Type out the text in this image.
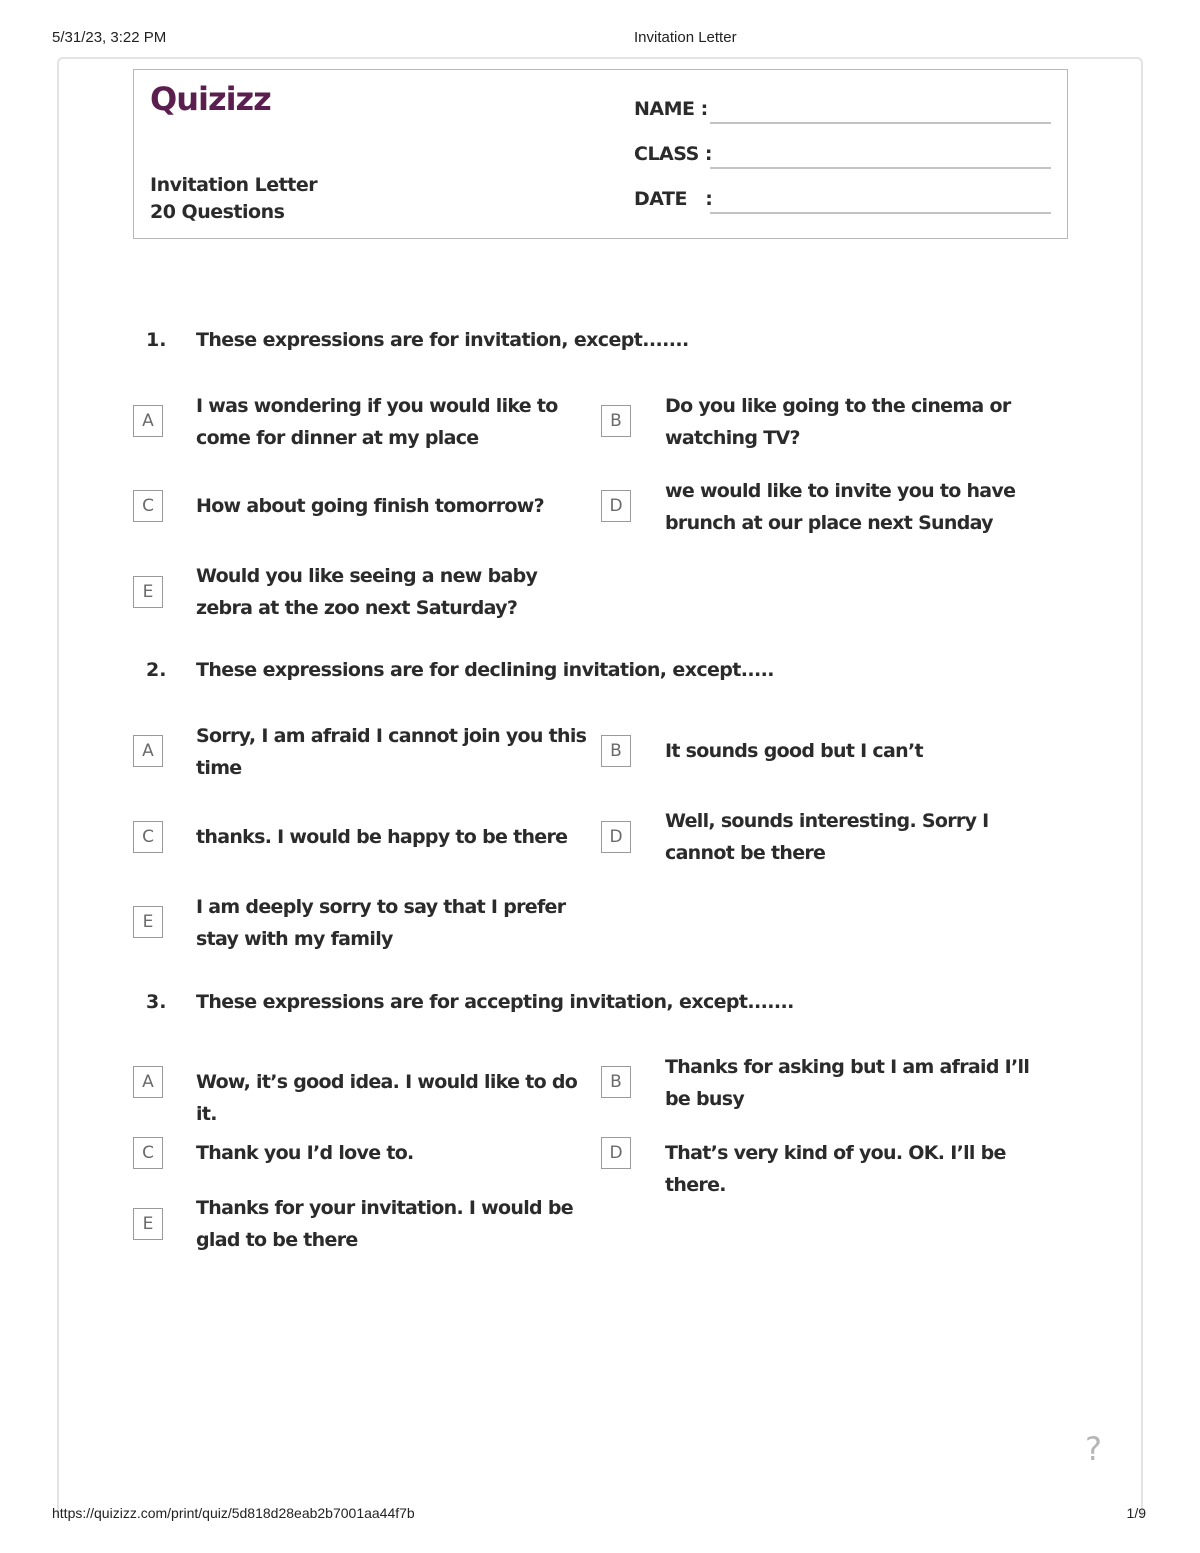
5/31/23, 3:22 PM	Invitation Letter
Quizizz
Invitation Letter
20 Questions
NAME :
CLASS :
DATE   :
1.	These expressions are for invitation, except.......
A
I was wondering if you would like to come for dinner at my place
B
Do you like going to the cinema or watching TV?
C	How about going finish tomorrow?	D
we would like to invite you to have brunch at our place next Sunday
E
Would you like seeing a new baby zebra at the zoo next Saturday?
2.	These expressions are for declining invitation, except.....
A
Sorry, I am afraid I cannot join you this time
B	It sounds good but I can’t
C	thanks. I would be happy to be there	D
Well, sounds interesting. Sorry I cannot be there
E
I am deeply sorry to say that I prefer stay with my family
3.	These expressions are for accepting invitation, except.......
A	Wow, it’s good idea. I would like to do it.
B
Thanks for asking but I am afraid I’ll be busy
C	Thank you I’d love to.	D	That’s very kind of you. OK. I’ll be there.
E
Thanks for your invitation. I would be glad to be there
?
https://quizizz.com/print/quiz/5d818d28eab2b7001aa44f7b	1/9
